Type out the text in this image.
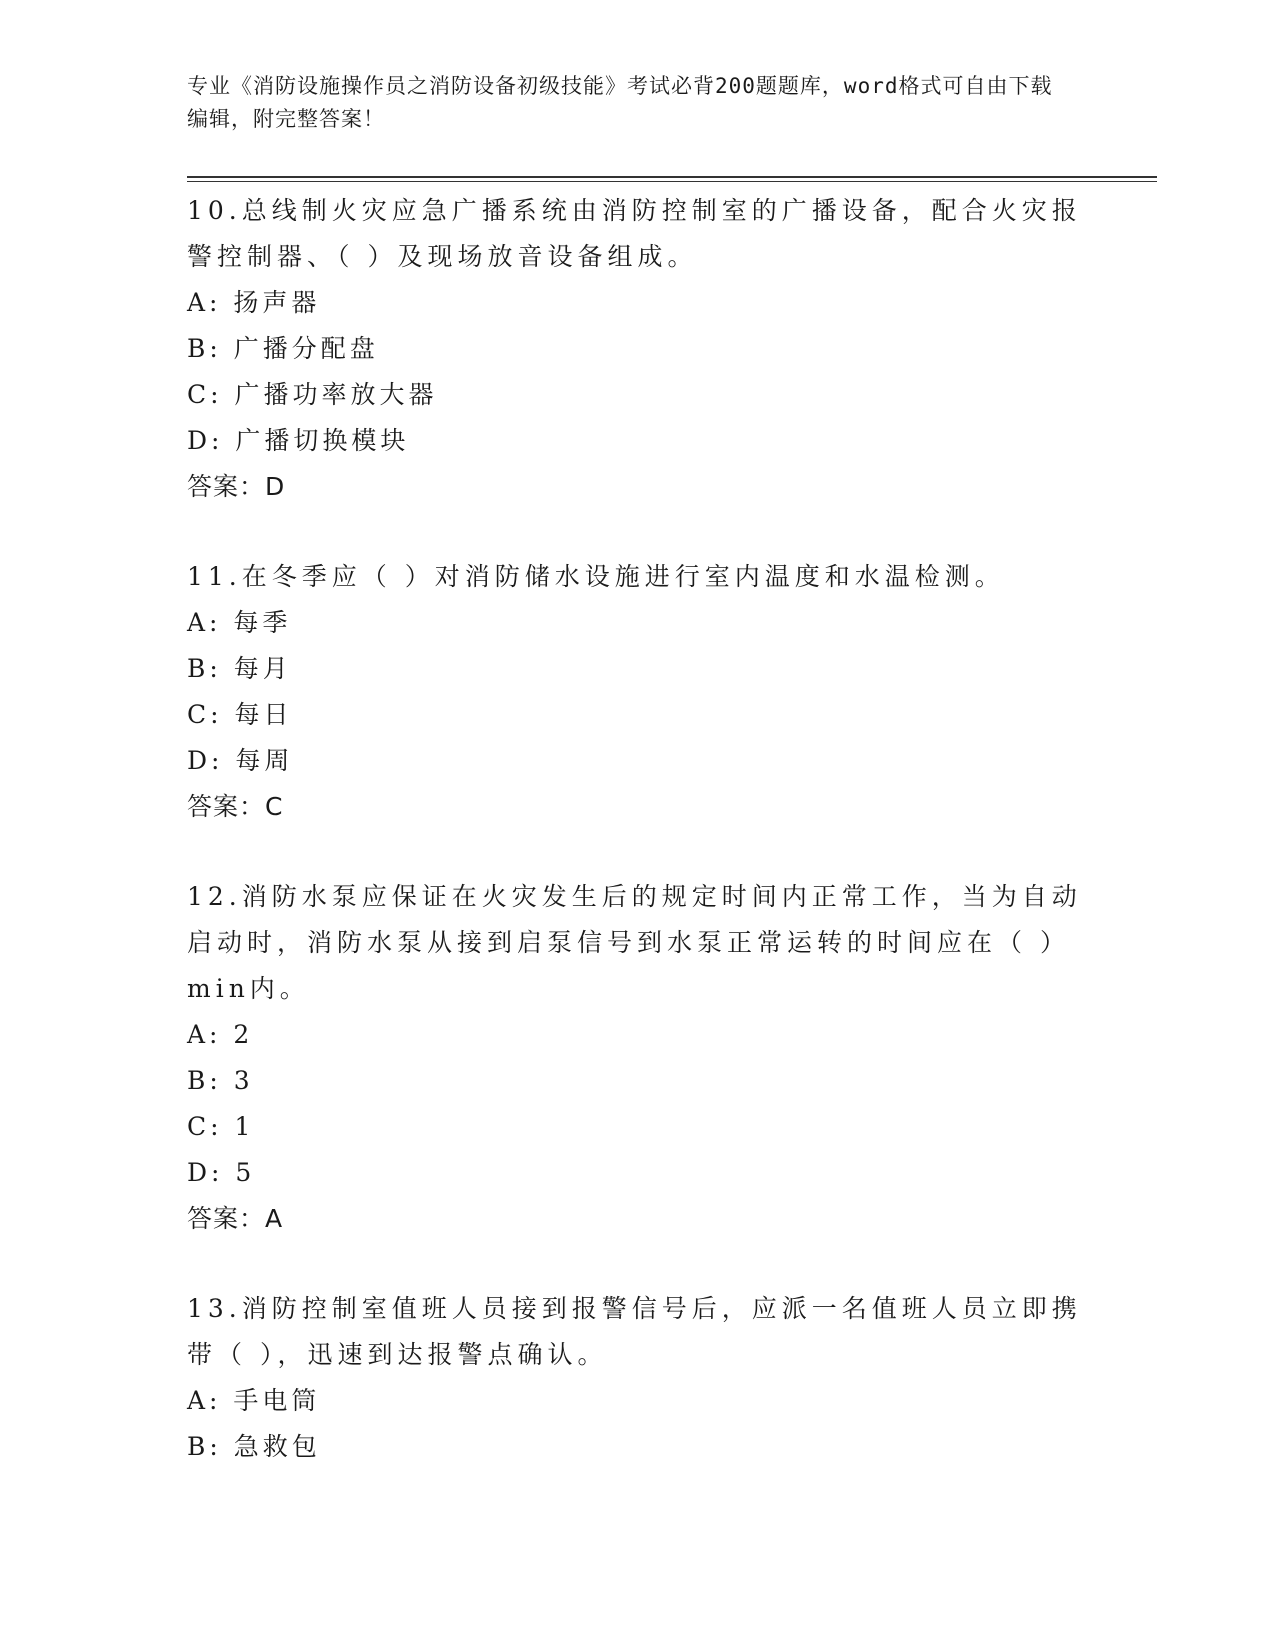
专业《消防设施操作员之消防设备初级技能》考试必背200题题库，word格式可自由下载编辑，附完整答案！

10.总线制火灾应急广播系统由消防控制室的广播设备，配合火灾报警控制器、（ ）及现场放音设备组成。

A: 扬声器

B: 广播分配盘

C: 广播功率放大器

D: 广播切换模块

答案：D

11.在冬季应（ ）对消防储水设施进行室内温度和水温检测。

A: 每季

B: 每月

C: 每日

D: 每周

答案：C

12.消防水泵应保证在火灾发生后的规定时间内正常工作，当为自动启动时，消防水泵从接到启泵信号到水泵正常运转的时间应在（ ）min内。

A: 2

B: 3

C: 1

D: 5

答案：A

13.消防控制室值班人员接到报警信号后，应派一名值班人员立即携带（ ），迅速到达报警点确认。

A: 手电筒

B: 急救包
